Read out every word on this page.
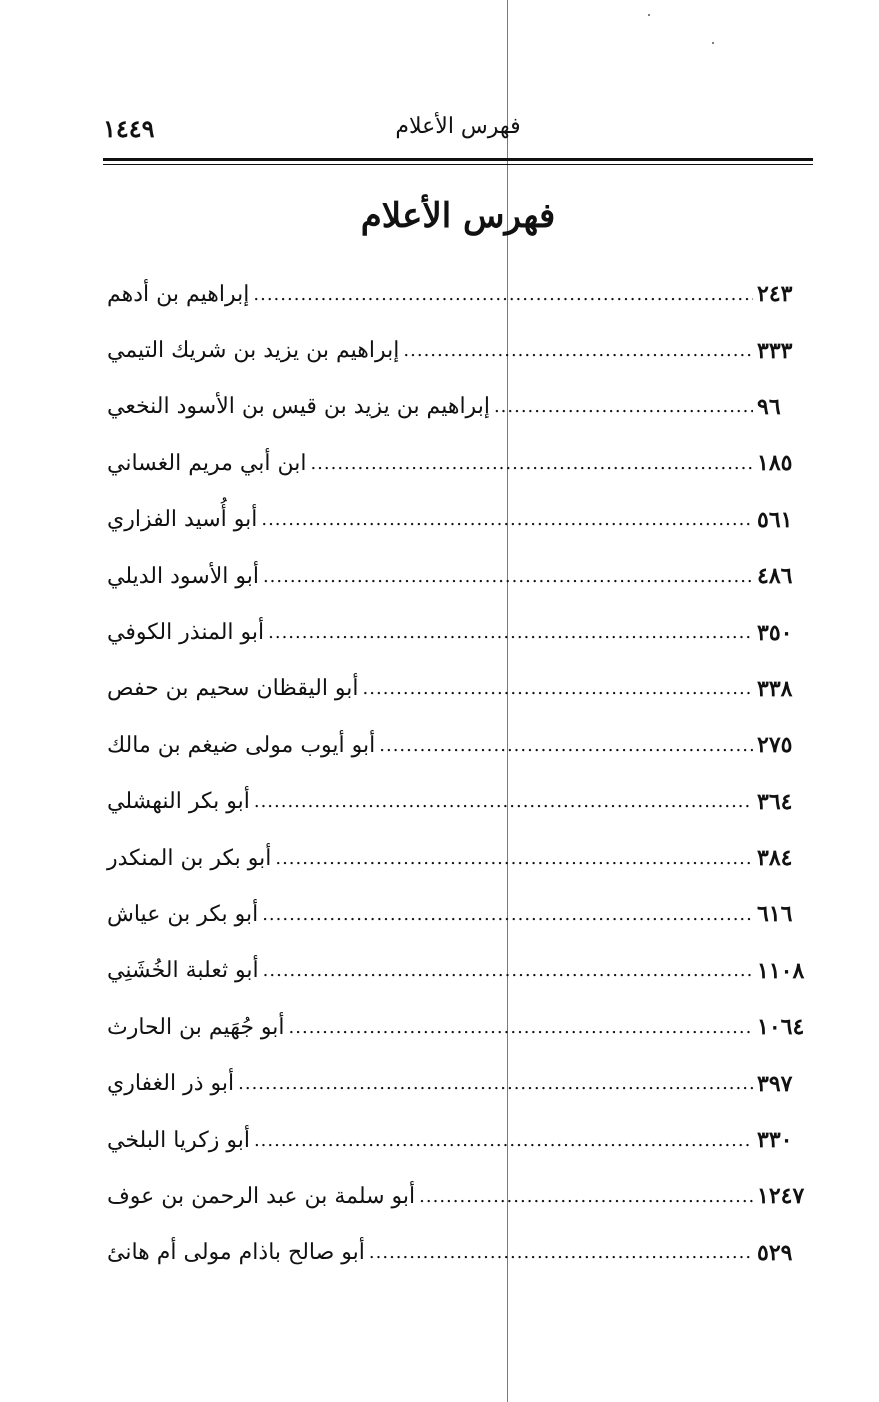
١٤٤٩	فهرس الأعلام
فهرس الأعلام
إبراهيم بن أدهم .....	٢٤٣
إبراهيم بن يزيد بن شريك التيمي .....	٣٣٣
إبراهيم بن يزيد بن قيس بن الأسود النخعي .....	٩٦
ابن أبي مريم الغساني .....	١٨٥
أبو أُسيد الفزاري .....	٥٦١
أبو الأسود الديلي .....	٤٨٦
أبو المنذر الكوفي .....	٣٥٠
أبو اليقظان سحيم بن حفص .....	٣٣٨
أبو أيوب مولى ضيغم بن مالك .....	٢٧٥
أبو بكر النهشلي .....	٣٦٤
أبو بكر بن المنكدر .....	٣٨٤
أبو بكر بن عياش .....	٦١٦
أبو ثعلبة الخُشَنِي .....	١١٠٨
أبو جُهَيم بن الحارث .....	١٠٦٤
أبو ذر الغفاري .....	٣٩٧
أبو زكريا البلخي .....	٣٣٠
أبو سلمة بن عبد الرحمن بن عوف .....	١٢٤٧
أبو صالح باذام مولى أم هانئ .....	٥٢٩
